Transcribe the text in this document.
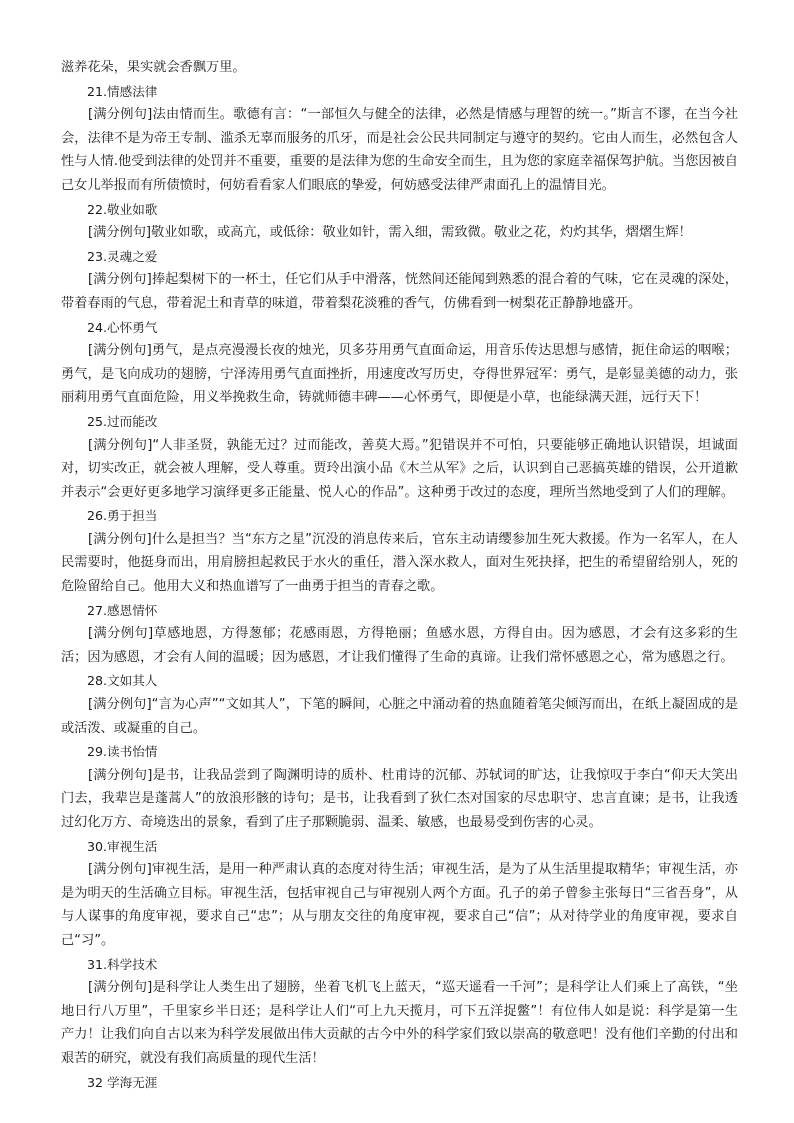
滋养花朵，果实就会香飘万里。

21.情感法律

[满分例句]法由情而生。歌德有言：“一部恒久与健全的法律，必然是情感与理智的统一。”斯言不谬，在当今社会，法律不是为帝王专制、滥杀无辜而服务的爪牙，而是社会公民共同制定与遵守的契约。它由人而生，必然包含人性与人情.他受到法律的处罚并不重要，重要的是法律为您的生命安全而生，且为您的家庭幸福保驾护航。当您因被自己女儿举报而有所债愤时，何妨看看家人们眼底的挚爱，何妨感受法律严肃面孔上的温情目光。

22.敬业如歌

[满分例句]敬业如歌，或高亢，或低徐：敬业如针，需入细，需致微。敬业之花，灼灼其华，熠熠生辉！

23.灵魂之爱

[满分例句]捧起梨树下的一杯土，任它们从手中滑落，恍然间还能闻到熟悉的混合着的气味，它在灵魂的深处，带着春雨的气息，带着泥土和青草的味道，带着梨花淡雅的香气，仿佛看到一树梨花正静静地盛开。

24.心怀勇气

[满分例句]勇气，是点亮漫漫长夜的烛光，贝多芬用勇气直面命运，用音乐传达思想与感情，扼住命运的咽喉；勇气，是飞向成功的翅膀，宁泽涛用勇气直面挫折，用速度改写历史，夺得世界冠军：勇气，是彰显美德的动力，张丽莉用勇气直面危险，用义举挽救生命，铸就师德丰碑——心怀勇气，即便是小草，也能绿满天涯，远行天下！

25.过而能改

[满分例句]“人非圣贤，孰能无过？过而能改，善莫大焉。”犯错误并不可怕，只要能够正确地认识错误，坦诚面对，切实改正，就会被人理解，受人尊重。贾玲出演小品《木兰从军》之后，认识到自己恶搞英雄的错误，公开道歉并表示“会更好更多地学习演绎更多正能量、悦人心的作品”。这种勇于改过的态度，理所当然地受到了人们的理解。

26.勇于担当

[满分例句]什么是担当？当“东方之星”沉没的消息传来后，官东主动请缨参加生死大救援。作为一名军人，在人民需要时，他挺身而出，用肩膀担起救民于水火的重任，潜入深水救人，面对生死抉择，把生的希望留给别人，死的危险留给自己。他用大义和热血谱写了一曲勇于担当的青春之歌。

27.感恩情怀

[满分例句]草感地恩，方得葱郁；花感雨恩，方得艳丽；鱼感水恩，方得自由。因为感恩，才会有这多彩的生活；因为感恩，才会有人间的温暖；因为感恩，才让我们懂得了生命的真谛。让我们常怀感恩之心，常为感恩之行。

28.文如其人

[满分例句]“言为心声”“文如其人”，下笔的瞬间，心脏之中涌动着的热血随着笔尖倾泻而出，在纸上凝固成的是或活泼、或凝重的自己。

29.读书怡情

[满分例句]是书，让我品尝到了陶渊明诗的质朴、杜甫诗的沉郁、苏轼词的旷达，让我惊叹于李白“仰天大笑出门去，我辈岂是蓬蒿人”的放浪形骸的诗句；是书，让我看到了狄仁杰对国家的尽忠职守、忠言直谏；是书，让我透过幻化万方、奇境迭出的景象，看到了庄子那颗脆弱、温柔、敏感，也最易受到伤害的心灵。

30.审视生活

[满分例句]审视生活，是用一种严肃认真的态度对待生活；审视生活，是为了从生活里提取精华；审视生活，亦是为明天的生活确立目标。审视生活，包括审视自己与审视别人两个方面。孔子的弟子曾参主张每日“三省吾身”，从与人谋事的角度审视，要求自己“忠”；从与朋友交往的角度审视，要求自己“信”；从对待学业的角度审视，要求自己“习”。

31.科学技术

[满分例句]是科学让人类生出了翅膀，坐着飞机飞上蓝天，“巡天遥看一千河”；是科学让人们乘上了高铁，“坐地日行八万里”，千里家乡半日还；是科学让人们“可上九天揽月，可下五洋捉鳖”！有位伟人如是说：科学是第一生产力！让我们向自古以来为科学发展做出伟大贡献的古今中外的科学家们致以崇高的敬意吧！没有他们辛勤的付出和艰苦的研究，就没有我们高质量的现代生活！

32 学海无涯
